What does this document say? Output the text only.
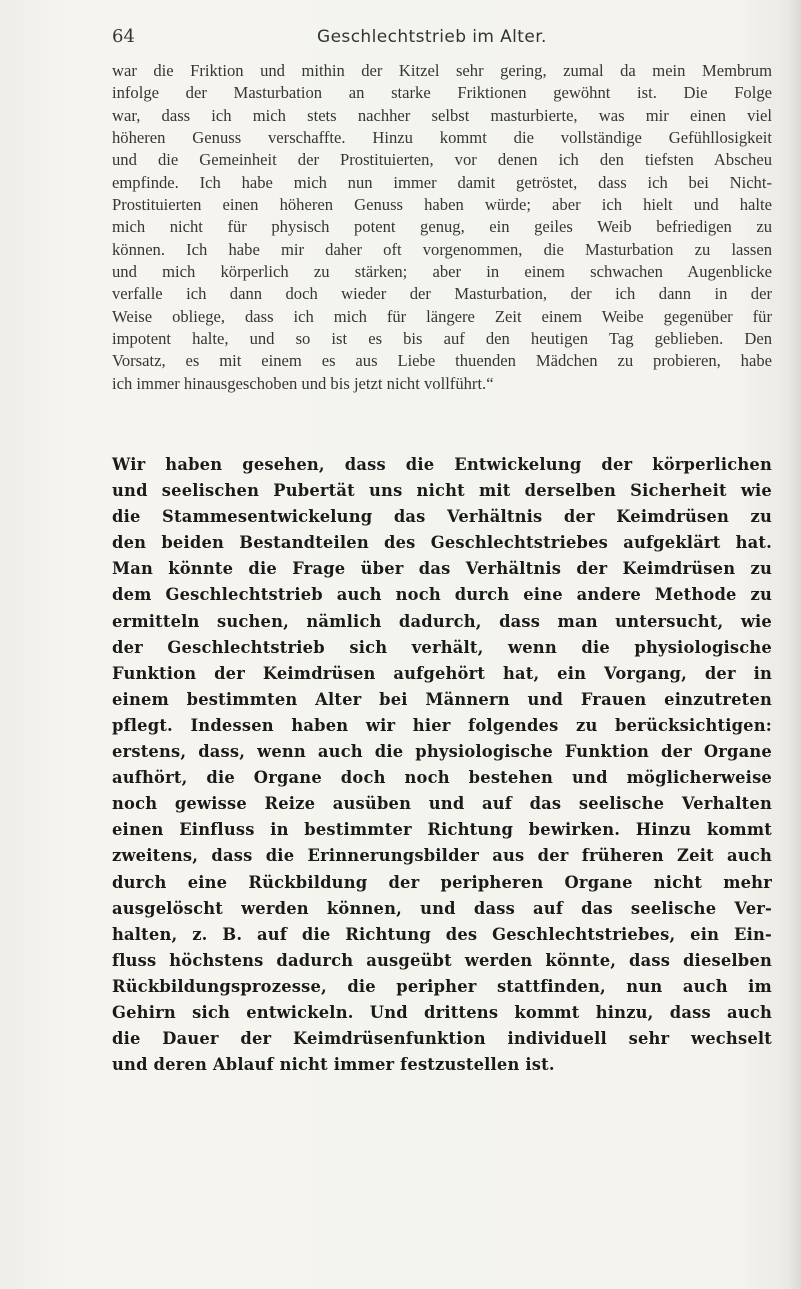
64	Geschlechtstrieb im Alter.
war die Friktion und mithin der Kitzel sehr gering, zumal da mein Membrum
infolge der Masturbation an starke Friktionen gewöhnt ist. Die Folge
war, dass ich mich stets nachher selbst masturbierte, was mir einen viel
höheren Genuss verschaffte. Hinzu kommt die vollständige Gefühllosigkeit
und die Gemeinheit der Prostituierten, vor denen ich den tiefsten Abscheu
empfinde. Ich habe mich nun immer damit getröstet, dass ich bei Nicht-
Prostituierten einen höheren Genuss haben würde; aber ich hielt und halte
mich nicht für physisch potent genug, ein geiles Weib befriedigen zu
können. Ich habe mir daher oft vorgenommen, die Masturbation zu lassen
und mich körperlich zu stärken; aber in einem schwachen Augenblicke
verfalle ich dann doch wieder der Masturbation, der ich dann in der
Weise obliege, dass ich mich für längere Zeit einem Weibe gegenüber für
impotent halte, und so ist es bis auf den heutigen Tag geblieben. Den
Vorsatz, es mit einem es aus Liebe thuenden Mädchen zu probieren, habe
ich immer hinausgeschoben und bis jetzt nicht vollführt.“
Wir haben gesehen, dass die Entwickelung der körperlichen
und seelischen Pubertät uns nicht mit derselben Sicherheit wie
die Stammesentwickelung das Verhältnis der Keimdrüsen zu
den beiden Bestandteilen des Geschlechtstriebes aufgeklärt hat.
Man könnte die Frage über das Verhältnis der Keimdrüsen zu
dem Geschlechtstrieb auch noch durch eine andere Methode zu
ermitteln suchen, nämlich dadurch, dass man untersucht, wie
der Geschlechtstrieb sich verhält, wenn die physiologische
Funktion der Keimdrüsen aufgehört hat, ein Vorgang, der in
einem bestimmten Alter bei Männern und Frauen einzutreten
pflegt. Indessen haben wir hier folgendes zu berücksichtigen:
erstens, dass, wenn auch die physiologische Funktion der Organe
aufhört, die Organe doch noch bestehen und möglicherweise
noch gewisse Reize ausüben und auf das seelische Verhalten
einen Einfluss in bestimmter Richtung bewirken. Hinzu kommt
zweitens, dass die Erinnerungsbilder aus der früheren Zeit auch
durch eine Rückbildung der peripheren Organe nicht mehr
ausgelöscht werden können, und dass auf das seelische Ver-
halten, z. B. auf die Richtung des Geschlechtstriebes, ein Ein-
fluss höchstens dadurch ausgeübt werden könnte, dass dieselben
Rückbildungsprozesse, die peripher stattfinden, nun auch im
Gehirn sich entwickeln. Und drittens kommt hinzu, dass auch
die Dauer der Keimdrüsenfunktion individuell sehr wechselt
und deren Ablauf nicht immer festzustellen ist.
